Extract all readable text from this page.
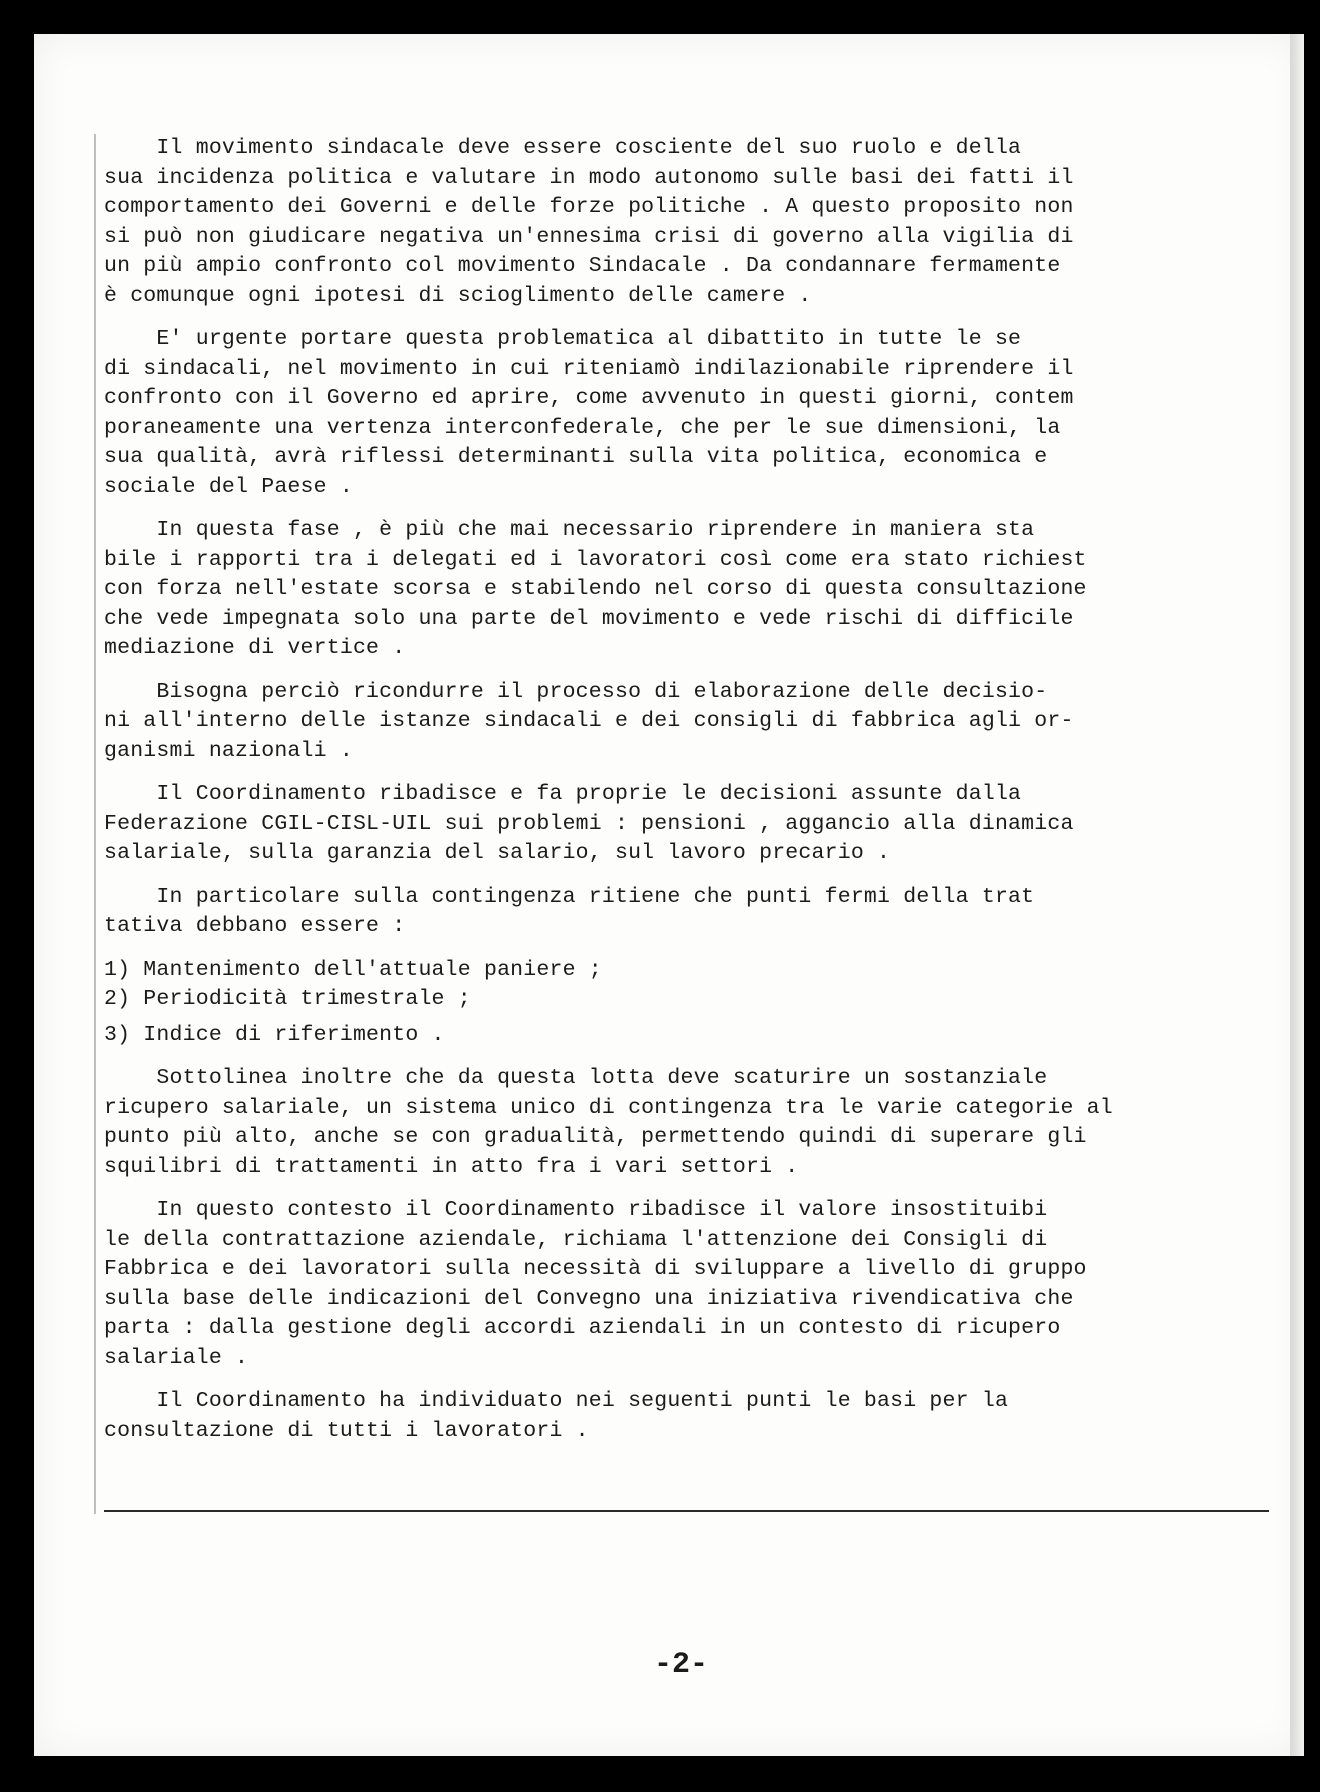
Il movimento sindacale deve essere cosciente del suo ruolo e della
sua incidenza politica e valutare in modo autonomo sulle basi dei fatti il
comportamento dei Governi e delle forze politiche . A questo proposito non
si può non giudicare negativa un'ennesima crisi di governo alla vigilia di
un più ampio confronto col movimento Sindacale . Da condannare fermamente
è comunque ogni ipotesi di scioglimento delle camere .
E' urgente portare questa problematica al dibattito in tutte le se
di sindacali, nel movimento in cui riteniamò indilazionabile riprendere il
confronto con il Governo ed aprire, come avvenuto in questi giorni, contem
poraneamente una vertenza interconfederale, che per le sue dimensioni, la
sua qualità, avrà riflessi determinanti sulla vita politica, economica e
sociale del Paese .
In questa fase , è più che mai necessario riprendere in maniera sta
bile i rapporti tra i delegati ed i lavoratori così come era stato richiest
con forza nell'estate scorsa e stabilendo nel corso di questa consultazione
che vede impegnata solo una parte del movimento e vede rischi di difficile
mediazione di vertice .
Bisogna perciò ricondurre il processo di elaborazione delle decisio-
ni all'interno delle istanze sindacali e dei consigli di fabbrica agli or-
ganismi nazionali .
Il Coordinamento ribadisce e fa proprie le decisioni assunte dalla
Federazione CGIL-CISL-UIL sui problemi : pensioni , aggancio alla dinamica
salariale, sulla garanzia del salario, sul lavoro precario .
In particolare sulla contingenza ritiene che punti fermi della trat
tativa debbano essere :
1) Mantenimento dell'attuale paniere ;
2) Periodicità trimestrale ;
3) Indice di riferimento .
Sottolinea inoltre che da questa lotta deve scaturire un sostanziale
ricupero salariale, un sistema unico di contingenza tra le varie categorie al
punto più alto, anche se con gradualità, permettendo quindi di superare gli
squilibri di trattamenti in atto fra i vari settori .
In questo contesto il Coordinamento ribadisce il valore insostituibi
le della contrattazione aziendale, richiama l'attenzione dei Consigli di
Fabbrica e dei lavoratori sulla necessità di sviluppare a livello di gruppo
sulla base delle indicazioni del Convegno una iniziativa rivendicativa che
parta : dalla gestione degli accordi aziendali in un contesto di ricupero
salariale .
Il Coordinamento ha individuato nei seguenti punti le basi per la
consultazione di tutti i lavoratori .
-2-
